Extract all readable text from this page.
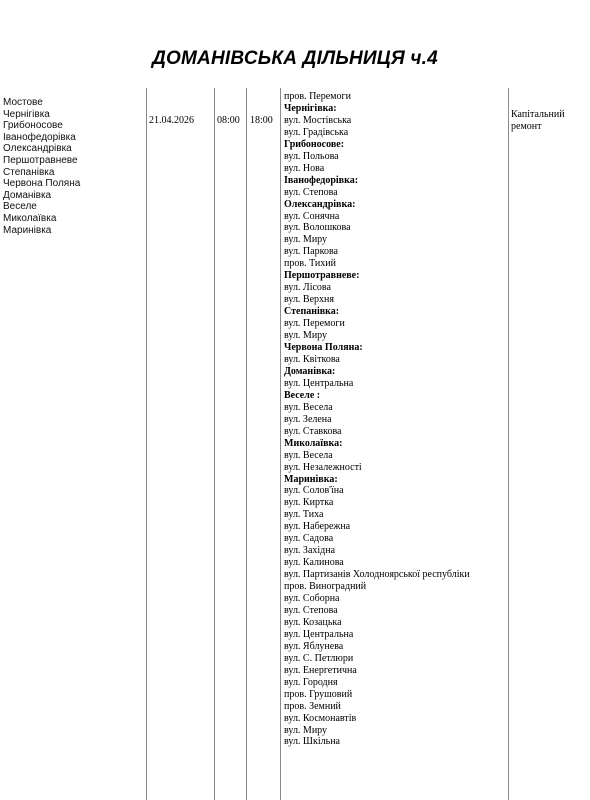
ДОМАНІВСЬКА ДІЛЬНИЦЯ ч.4
Мостове
Чернігівка
Грибоносове
Іванофедорівка
Олександрівка
Першотравневе
Степанівка
Червона Поляна
Доманівка
Веселе
Миколаївка
Маринівка
21.04.2026 08:00 18:00
пров. Перемоги
Чернігівка:
вул. Мостівська
вул. Градівська
Грибоносове:
вул. Польова
вул. Нова
Іванофедорівка:
вул. Степова
Олександрівка:
вул. Сонячна
вул. Волошкова
вул. Миру
вул. Паркова
пров. Тихий
Першотравневе:
вул. Лісова
вул. Верхня
Степанівка:
вул. Перемоги
вул. Миру
Червона Поляна:
вул. Квіткова
Доманівка:
вул. Центральна
Веселе :
вул. Весела
вул. Зелена
вул. Ставкова
Миколаївка:
вул. Весела
вул. Незалежності
Маринівка:
вул. Солов'їна
вул. Киртка
вул. Тиха
вул. Набережна
вул. Садова
вул. Західна
вул. Калинова
вул. Партизанів Холодноярської республіки
пров. Виноградний
вул. Соборна
вул. Степова
вул. Козацька
вул. Центральна
вул. Яблунева
вул. С. Петлюри
вул. Енергетична
вул. Городня
пров. Грушовий
пров. Земний
вул. Космонавтів
вул. Миру
вул. Шкільна
Капітальний
ремонт
